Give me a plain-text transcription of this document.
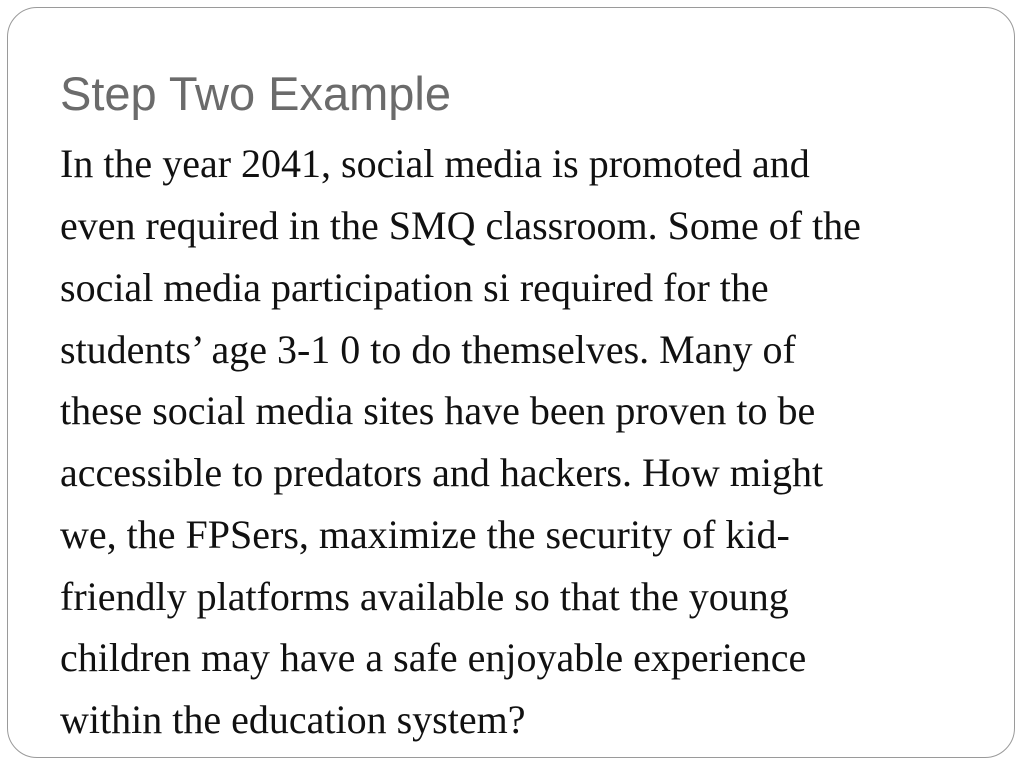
Step Two Example

In the year 2041, social media is promoted and

even required in the SMQ classroom. Some of the

social media participation si required for the

students’ age 3-1 0 to do themselves. Many of

these social media sites have been proven to be

accessible to predators and hackers. How might

we, the FPSers, maximize the security of kid-

friendly platforms available so that the young

children may have a safe enjoyable experience

within the education system?
